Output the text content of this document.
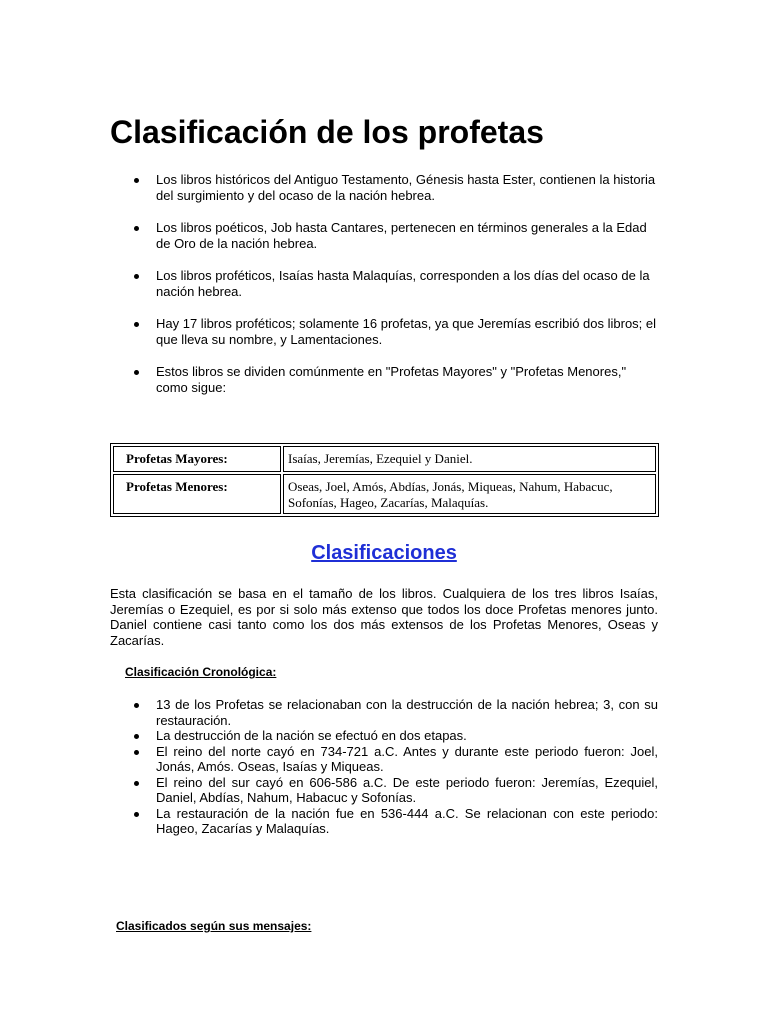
Clasificación de los profetas
Los libros históricos del Antiguo Testamento, Génesis hasta Ester, contienen la historia del surgimiento y del ocaso de la nación hebrea.
Los libros poéticos, Job hasta Cantares, pertenecen en términos generales a la Edad de Oro de la nación hebrea.
Los libros proféticos, Isaías hasta Malaquías, corresponden a los días del ocaso de la nación hebrea.
Hay 17 libros proféticos; solamente 16 profetas, ya que Jeremías escribió dos libros; el que lleva su nombre, y Lamentaciones.
Estos libros se dividen comúnmente en "Profetas Mayores" y "Profetas Menores," como sigue:
Profetas Mayores:	Isaías, Jeremías, Ezequiel y Daniel.
Profetas Menores:	Oseas, Joel, Amós, Abdías, Jonás, Miqueas, Nahum, Habacuc, Sofonías, Hageo, Zacarías, Malaquías.
Clasificaciones

Esta clasificación se basa en el tamaño de los libros. Cualquiera de los tres libros Isaías, Jeremías o Ezequiel, es por si solo más extenso que todos los doce Profetas menores junto. Daniel contiene casi tanto como los dos más extensos de los Profetas Menores, Oseas y Zacarías.

Clasificación Cronológica:
13 de los Profetas se relacionaban con la destrucción de la nación hebrea; 3, con su restauración.
La destrucción de la nación se efectuó en dos etapas.
El reino del norte cayó en 734-721 a.C. Antes y durante este periodo fueron: Joel, Jonás, Amós. Oseas, Isaías y Miqueas.
El reino del sur cayó en 606-586 a.C. De este periodo fueron: Jeremías, Ezequiel, Daniel, Abdías, Nahum, Habacuc y Sofonías.
La restauración de la nación fue en 536-444 a.C. Se relacionan con este periodo: Hageo, Zacarías y Malaquías.
Clasificados según sus mensajes:
